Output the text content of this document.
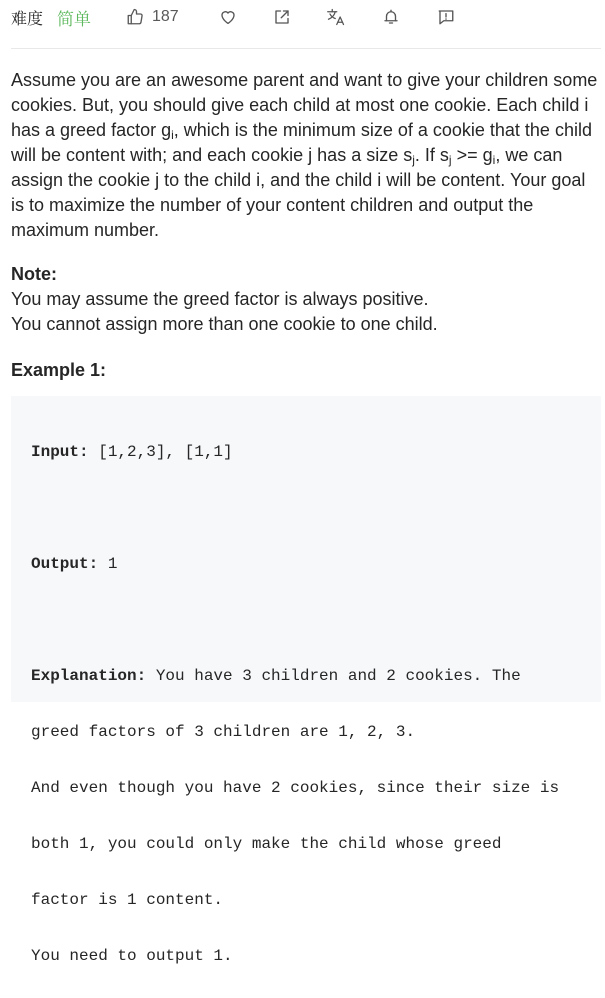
难度 简单	187

Assume you are an awesome parent and want to give your children some cookies. But, you should give each child at most one cookie. Each child i has a greed factor $g_i$, which is the minimum size of a cookie that the child will be content with; and each cookie j has a size $s_j$. If $s_j >= g_i$, we can assign the cookie j to the child i, and the child i will be content. Your goal is to maximize the number of your content children and output the maximum number.

Note:
You may assume the greed factor is always positive.
You cannot assign more than one cookie to one child.
Example 1:

Input: [1,2,3], [1,1]

Output: 1

Explanation: You have 3 children and 2 cookies. The

greed factors of 3 children are 1, 2, 3.

And even though you have 2 cookies, since their size is

both 1, you could only make the child whose greed

factor is 1 content.

You need to output 1.
